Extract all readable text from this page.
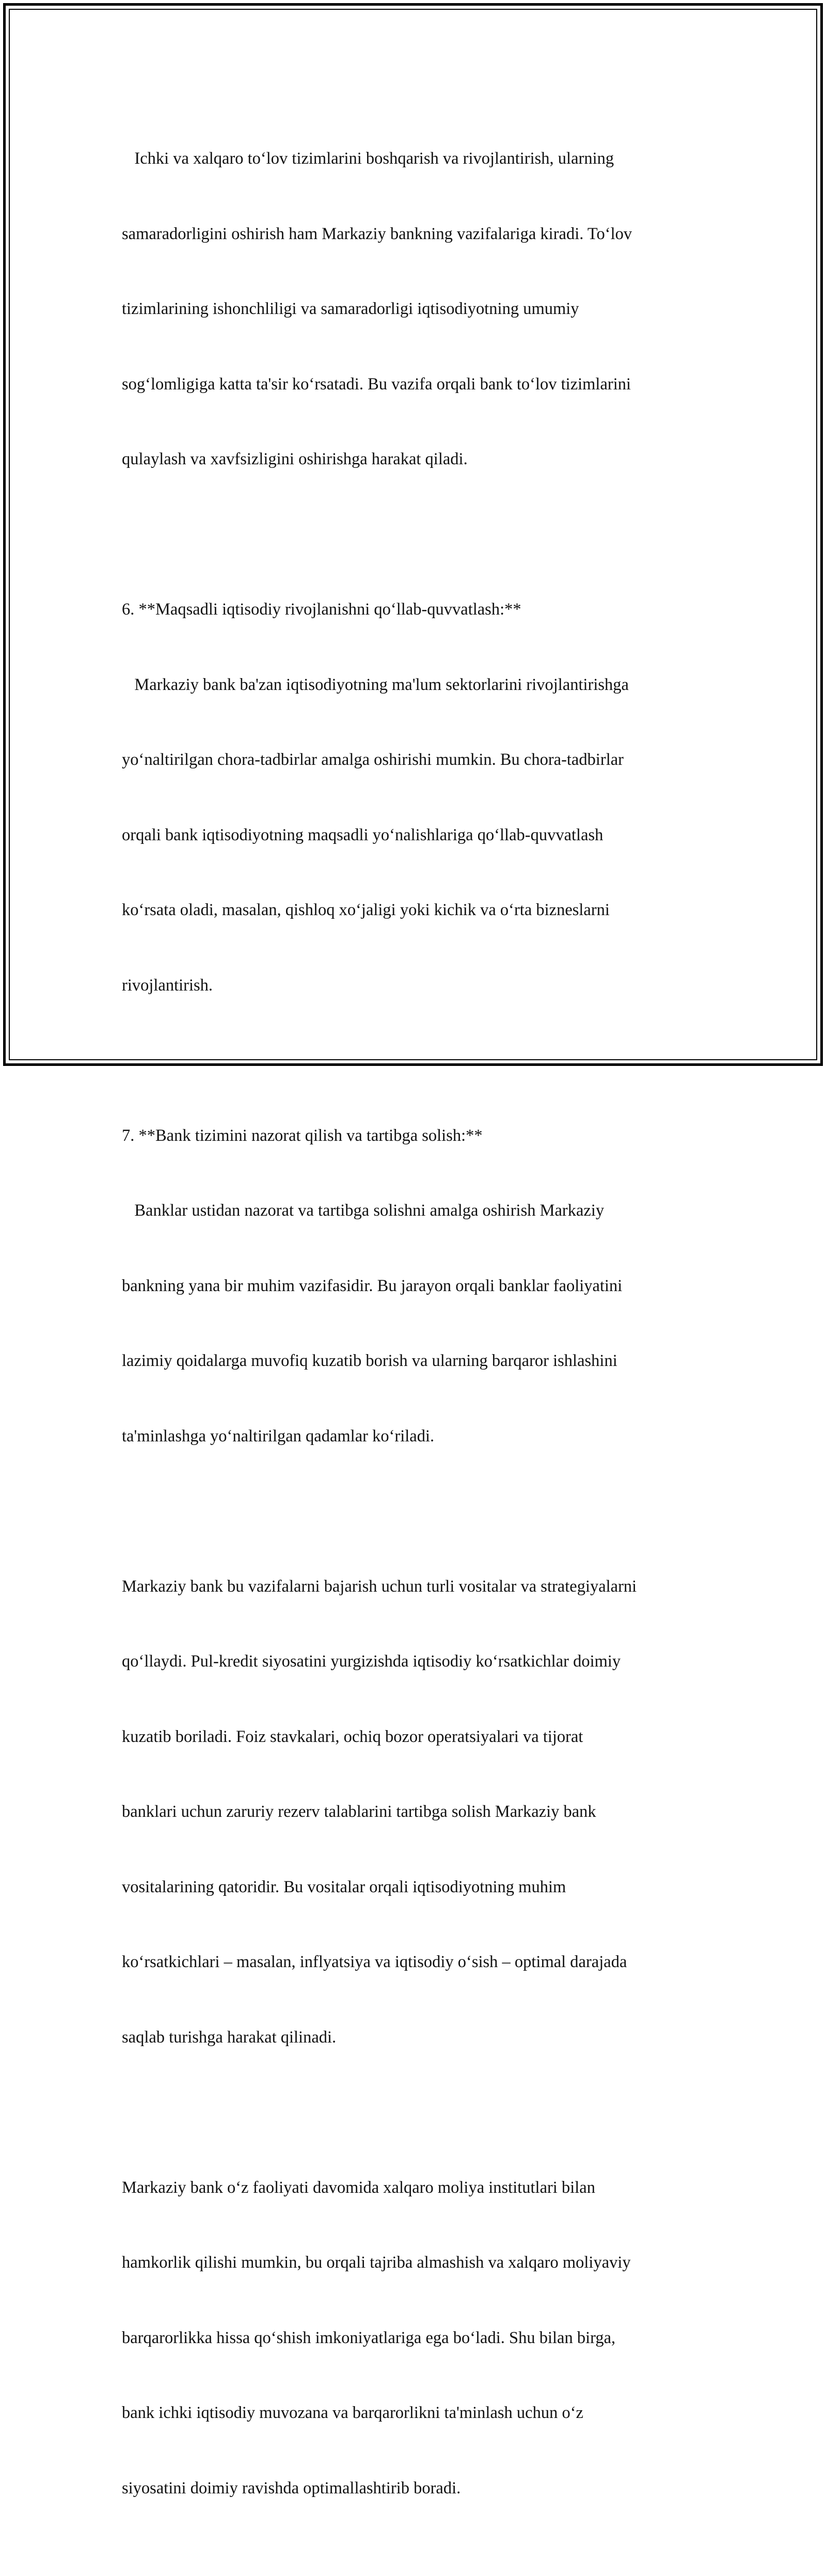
Ichki va xalqaro to‘lov tizimlarini boshqarish va rivojlantirish, ularning

samaradorligini oshirish ham Markaziy bankning vazifalariga kiradi. To‘lov

tizimlarining ishonchliligi va samaradorligi iqtisodiyotning umumiy

sog‘lomligiga katta ta'sir ko‘rsatadi. Bu vazifa orqali bank to‘lov tizimlarini

qulaylash va xavfsizligini oshirishga harakat qiladi.

6. **Maqsadli iqtisodiy rivojlanishni qo‘llab-quvvatlash:**

Markaziy bank ba'zan iqtisodiyotning ma'lum sektorlarini rivojlantirishga

yo‘naltirilgan chora-tadbirlar amalga oshirishi mumkin. Bu chora-tadbirlar

orqali bank iqtisodiyotning maqsadli yo‘nalishlariga qo‘llab-quvvatlash

ko‘rsata oladi, masalan, qishloq xo‘jaligi yoki kichik va o‘rta bizneslarni

rivojlantirish.

7. **Bank tizimini nazorat qilish va tartibga solish:**

Banklar ustidan nazorat va tartibga solishni amalga oshirish Markaziy

bankning yana bir muhim vazifasidir. Bu jarayon orqali banklar faoliyatini

lazimiy qoidalarga muvofiq kuzatib borish va ularning barqaror ishlashini

ta'minlashga yo‘naltirilgan qadamlar ko‘riladi.

Markaziy bank bu vazifalarni bajarish uchun turli vositalar va strategiyalarni

qo‘llaydi. Pul-kredit siyosatini yurgizishda iqtisodiy ko‘rsatkichlar doimiy

kuzatib boriladi. Foiz stavkalari, ochiq bozor operatsiyalari va tijorat

banklari uchun zaruriy rezerv talablarini tartibga solish Markaziy bank

vositalarining qatoridir. Bu vositalar orqali iqtisodiyotning muhim

ko‘rsatkichlari – masalan, inflyatsiya va iqtisodiy o‘sish – optimal darajada

saqlab turishga harakat qilinadi.

Markaziy bank o‘z faoliyati davomida xalqaro moliya institutlari bilan

hamkorlik qilishi mumkin, bu orqali tajriba almashish va xalqaro moliyaviy

barqarorlikka hissa qo‘shish imkoniyatlariga ega bo‘ladi. Shu bilan birga,

bank ichki iqtisodiy muvozana va barqarorlikni ta'minlash uchun o‘z

siyosatini doimiy ravishda optimallashtirib boradi.
